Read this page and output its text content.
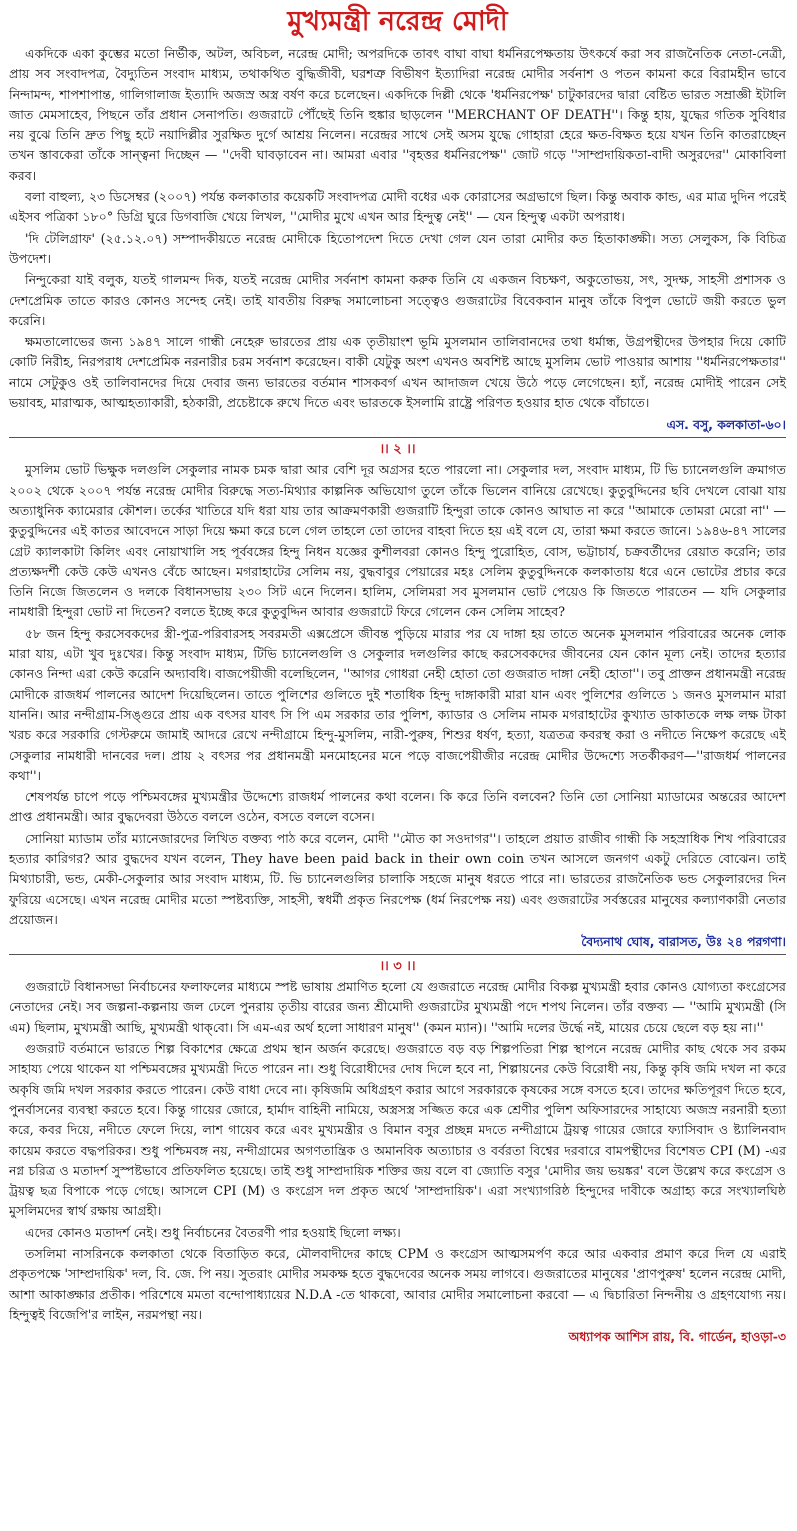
মুখ্যমন্ত্রী নরেন্দ্র মোদী

একদিকে একা কুম্ভের মতো নির্ভীক, অটল, অবিচল, নরেন্দ্র মোদী; অপরদিকে তাবৎ বাঘা বাঘা ধর্মনিরপেক্ষতায় উৎকর্ষে করা সব রাজনৈতিক নেতা-নেত্রী, প্রায় সব সংবাদপত্র, বৈদ্যুতিন সংবাদ মাধ্যম, তথাকথিত বুদ্ধিজীবী, ঘরশত্রু বিভীষণ ইত্যাদিরা নরেন্দ্র মোদীর সর্বনাশ ও পতন কামনা করে বিরামহীন ভাবে নিন্দামন্দ, শাপশাপান্ত, গালিগালাজ ইত্যাদি অজস্র অস্ত্র বর্ষণ করে চলেছেন। একদিকে দিল্লী থেকে 'ধর্মনিরপেক্ষ' চাটুকারদের দ্বারা বেষ্টিত ভারত সম্রাজ্ঞী ইটালি জাত মেমসাহেব, পিছনে তাঁর প্রধান সেনাপতি। গুজরাটে পৌঁছেই তিনি হুঙ্কার ছাড়লেন ''MERCHANT OF DEATH''। কিন্তু হায়, যুদ্ধের গতিক সুবিধার নয় বুঝে তিনি দ্রুত পিছু হটে নয়াদিল্লীর সুরক্ষিত দুর্গে আশ্রয় নিলেন। নরেন্দ্রর সাথে সেই অসম যুদ্ধে গোহারা হেরে ক্ষত-বিক্ষত হয়ে যখন তিনি কাতরাচ্ছেন তখন স্তাবকেরা তাঁকে সান্ত্বনা দিচ্ছেন — ''দেবী ঘাবড়াবেন না। আমরা এবার ''বৃহত্তর ধর্মনিরপেক্ষ'' জোট গড়ে ''সাম্প্রদায়িকতা-বাদী অসুরদের'' মোকাবিলা করব।

বলা বাহুল্য, ২৩ ডিসেম্বর (২০০৭) পর্যন্ত কলকাতার কয়েকটি সংবাদপত্র মোদী বধের এক কোরাসের অগ্রভাগে ছিল। কিন্তু অবাক কান্ড, এর মাত্র দুদিন পরেই এইসব পত্রিকা ১৮০° ডিগ্রি ঘুরে ডিগবাজি খেয়ে লিখল, ''মোদীর মুখে এখন আর হিন্দুত্ব নেই'' — যেন হিন্দুত্ব একটা অপরাধ।

'দি টেলিগ্রাফ' (২৫.১২.০৭) সম্পাদকীয়তে নরেন্দ্র মোদীকে হিতোপদেশ দিতে দেখা গেল যেন তারা মোদীর কত হিতাকাঙ্ক্ষী। সত্য সেলুকস, কি বিচিত্র উপদেশ।

নিন্দুকেরা যাই বলুক, যতই গালমন্দ দিক, যতই নরেন্দ্র মোদীর সর্বনাশ কামনা করুক তিনি যে একজন বিচক্ষণ, অকুতোভয়, সৎ, সুদক্ষ, সাহসী প্রশাসক ও দেশপ্রেমিক তাতে কারও কোনও সন্দেহ নেই। তাই যাবতীয় বিরুদ্ধ সমালোচনা সত্ত্বেও গুজরাটের বিবেকবান মানুষ তাঁকে বিপুল ভোটে জয়ী করতে ভুল করেনি।

ক্ষমতালোভের জন্য ১৯৪৭ সালে গান্ধী নেহেরু ভারতের প্রায় এক তৃতীয়াংশ ভূমি মুসলমান তালিবানদের তথা ধর্মান্ধ, উগ্রপন্থীদের উপহার দিয়ে কোটি কোটি নিরীহ, নিরপরাধ দেশপ্রেমিক নরনারীর চরম সর্বনাশ করেছেন। বাকী যেটুকু অংশ এখনও অবশিষ্ট আছে মুসলিম ভোট পাওয়ার আশায় ''ধর্মনিরপেক্ষতার'' নামে সেটুকুও ওই তালিবানদের দিয়ে দেবার জন্য ভারতের বর্তমান শাসকবর্গ এখন আদাজল খেয়ে উঠে পড়ে লেগেছেন। হ্যাঁ, নরেন্দ্র মোদীই পারেন সেই ভয়াবহ, মারাত্মক, আত্মহত্যাকারী, হঠকারী, প্রচেষ্টাকে রুখে দিতে এবং ভারতকে ইসলামি রাষ্ট্রে পরিণত হওয়ার হাত থেকে বাঁচাতে।

এস. বসু, কলকাতা-৬০।
।। ২ ।।

মুসলিম ভোট ভিক্ষুক দলগুলি সেকুলার নামক চমক দ্বারা আর বেশি দূর অগ্রসর হতে পারলো না। সেকুলার দল, সংবাদ মাধ্যম, টি ভি চ্যানেলগুলি ক্রমাগত ২০০২ থেকে ২০০৭ পর্যন্ত নরেন্দ্র মোদীর বিরুদ্ধে সত্য-মিথ্যার কাল্পনিক অভিযোগ তুলে তাঁকে ভিলেন বানিয়ে রেখেছে। কুতুবুদ্দিনের ছবি দেখলে বোঝা যায় অত্যাধুনিক ক্যামেরার কৌশল। তর্কের খাতিরে যদি ধরা যায় তার আক্রমণকারী গুজরাটি হিন্দুরা তাকে কোনও আঘাত না করে ''আমাকে তোমরা মেরো না'' — কুতুবুদ্দিনের এই কাতর আবেদনে সাড়া দিয়ে ক্ষমা করে চলে গেল তাহলে তো তাদের বাহবা দিতে হয় এই বলে যে, তারা ক্ষমা করতে জানে। ১৯৪৬-৪৭ সালের গ্রেট ক্যালকাটা কিলিং এবং নোয়াখালি সহ পূর্ববঙ্গের হিন্দু নিধন যজ্ঞের কুশীলবরা কোনও হিন্দু পুরোহিত, বোস, ভট্টাচার্য, চক্রবর্তীদের রেয়াত করেনি; তার প্রত্যক্ষদর্শী কেউ কেউ এখনও বেঁচে আছেন। মগরাহাটের সেলিম নয়, বুদ্ধবাবুর পেয়ারের মহঃ সেলিম কুতুবুদ্দিনকে কলকাতায় ধরে এনে ভোটের প্রচার করে তিনি নিজে জিতলেন ও দলকে বিধানসভায় ২৩০ সিট এনে দিলেন। হালিম, সেলিমরা সব মুসলমান ভোট পেয়েও কি জিততে পারতেন — যদি সেকুলার নামধারী হিন্দুরা ভোট না দিতেন? বলতে ইচ্ছে করে কুতুবুদ্দিন আবার গুজরাটে ফিরে গেলেন কেন সেলিম সাহেব?

৫৮ জন হিন্দু করসেবকদের স্ত্রী-পুত্র-পরিবারসহ সবরমতী এক্সপ্রেসে জীবন্ত পুড়িয়ে মারার পর যে দাঙ্গা হয় তাতে অনেক মুসলমান পরিবারের অনেক লোক মারা যায়, এটা খুব দুঃখের। কিন্তু সংবাদ মাধ্যম, টিভি চ্যানেলগুলি ও সেকুলার দলগুলির কাছে করসেবকদের জীবনের যেন কোন মূল্য নেই। তাদের হত্যার কোনও নিন্দা এরা কেউ করেনি অদ্যাবধি। বাজপেয়ীজী বলেছিলেন, ''আগর গোধরা নেহী হোতা তো গুজরাত দাঙ্গা নেহী হোতা''। তবু প্রাক্তন প্রধানমন্ত্রী নরেন্দ্র মোদীকে রাজধর্ম পালনের আদেশ দিয়েছিলেন। তাতে পুলিশের গুলিতে দুই শতাধিক হিন্দু দাঙ্গাকারী মারা যান এবং পুলিশের গুলিতে ১ জনও মুসলমান মারা যাননি। আর নন্দীগ্রাম-সিঙ্গুরে প্রায় এক বৎসর যাবৎ সি পি এম সরকার তার পুলিশ, ক্যাডার ও সেলিম নামক মগরাহাটের কুখ্যাত ডাকাতকে লক্ষ লক্ষ টাকা খরচ করে সরকারি গেস্টরুমে জামাই আদরে রেখে নন্দীগ্রামে হিন্দু-মুসলিম, নারী-পুরুষ, শিশুর ধর্ষণ, হত্যা, যত্রতত্র কবরস্থ করা ও নদীতে নিক্ষেপ করেছে এই সেকুলার নামধারী দানবের দল। প্রায় ২ বৎসর পর প্রধানমন্ত্রী মনমোহনের মনে পড়ে বাজপেয়ীজীর নরেন্দ্র মোদীর উদ্দেশ্যে সতর্কীকরণ—''রাজধর্ম পালনের কথা''।

শেষপর্যন্ত চাপে পড়ে পশ্চিমবঙ্গের মুখ্যমন্ত্রীর উদ্দেশ্যে রাজধর্ম পালনের কথা বলেন। কি করে তিনি বলবেন? তিনি তো সোনিয়া ম্যাডামের অন্তরের আদেশ প্রাপ্ত প্রধানমন্ত্রী। আর বুদ্ধদেবরা উঠতে বললে ওঠেন, বসতে বললে বসেন।

সোনিয়া ম্যাডাম তাঁর ম্যানেজারদের লিখিত বক্তব্য পাঠ করে বলেন, মোদী ''মৌত কা সওদাগর''। তাহলে প্রয়াত রাজীব গান্ধী কি সহস্রাধিক শিখ পরিবারের হত্যার কারিগর? আর বুদ্ধদেব যখন বলেন, They have been paid back in their own coin তখন আসলে জনগণ একটু দেরিতে বোঝেন। তাই মিথ্যাচারী, ভন্ড, মেকী-সেকুলার আর সংবাদ মাধ্যম, টি. ভি চ্যানেলগুলির চালাকি সহজে মানুষ ধরতে পারে না। ভারতের রাজনৈতিক ভন্ড সেকুলারদের দিন ফুরিয়ে এসেছে। এখন নরেন্দ্র মোদীর মতো স্পষ্টব্যক্তি, সাহসী, স্বধর্মী প্রকৃত নিরপেক্ষ (ধর্ম নিরপেক্ষ নয়) এবং গুজরাটের সর্বস্তরের মানুষের কল্যাণকারী নেতার প্রয়োজন।

বৈদ্যনাথ ঘোষ, বারাসত, উঃ ২৪ পরগণা।
।। ৩ ।।

গুজরাটে বিধানসভা নির্বাচনের ফলাফলের মাধ্যমে স্পষ্ট ভাষায় প্রমাণিত হলো যে গুজরাতে নরেন্দ্র মোদীর বিকল্প মুখ্যমন্ত্রী হবার কোনও যোগ্যতা কংগ্রেসের নেতাদের নেই। সব জল্পনা-কল্পনায় জল ঢেলে পুনরায় তৃতীয় বারের জন্য শ্রীমোদী গুজরাটের মুখ্যমন্ত্রী পদে শপথ নিলেন। তাঁর বক্তব্য — ''আমি মুখ্যমন্ত্রী (সি এম) ছিলাম, মুখ্যমন্ত্রী আছি, মুখ্যমন্ত্রী থাক্‌বো। সি এম-এর অর্থ হলো সাধারণ মানুষ'' (কমন ম্যান)। ''আমি দলের উর্দ্ধে নই, মায়ের চেয়ে ছেলে বড় হয় না।''

গুজরাট বর্তমানে ভারতে শিল্প বিকাশের ক্ষেত্রে প্রথম স্থান অর্জন করেছে। গুজরাতে বড় বড় শিল্পপতিরা শিল্প স্থাপনে নরেন্দ্র মোদীর কাছ থেকে সব রকম সাহায্য পেয়ে থাকেন যা পশ্চিমবঙ্গের মুখ্যমন্ত্রী দিতে পারেন না। শুধু বিরোধীদের দোষ দিলে হবে না, শিল্পায়নের কেউ বিরোধী নয়, কিন্তু কৃষি জমি দখল না করে অকৃষি জমি দখল সরকার করতে পারেন। কেউ বাধা দেবে না। কৃষিজমি অধিগ্রহণ করার আগে সরকারকে কৃষকের সঙ্গে বসতে হবে। তাদের ক্ষতিপূরণ দিতে হবে, পুনর্বাসনের ব্যবস্থা করতে হবে। কিন্তু গায়ের জোরে, হার্মাদ বাহিনী নামিয়ে, অস্ত্রসস্ত্র সজ্জিত করে এক শ্রেণীর পুলিশ অফিসারদের সাহায্যে অজস্র নরনারী হত্যা করে, কবর দিয়ে, নদীতে ফেলে দিয়ে, লাশ গায়েব করে এবং মুখ্যমন্ত্রীর ও বিমান বসুর প্রচ্ছন্ন মদতে নন্দীগ্রামে ট্রয়ত্ব গায়ের জোরে ফ্যাসিবাদ ও ষ্ট্যালিনবাদ কায়েম করতে বদ্ধপরিকর। শুধু পশ্চিমবঙ্গ নয়, নন্দীগ্রামের অগণতান্ত্রিক ও অমানবিক অত্যাচার ও বর্বরতা বিশ্বের দরবারে বামপন্থীদের বিশেষত CPI (M) -এর নগ্ন চরিত্র ও মতাদর্শ সুস্পষ্টভাবে প্রতিফলিত হয়েছে। তাই শুধু সাম্প্রদায়িক শক্তির জয় বলে বা জ্যোতি বসুর 'মোদীর জয় ভয়ঙ্কর' বলে উল্লেখ করে কংগ্রেস ও ট্রয়ত্ব ছত্র বিপাকে পড়ে গেছে। আসলে CPI (M) ও কংগ্রেস দল প্রকৃত অর্থে 'সাম্প্রদায়িক'। এরা সংখ্যাগরিষ্ঠ হিন্দুদের দাবীকে অগ্রাহ্য করে সংখ্যালঘিষ্ঠ মুসলিমদের স্বার্থ রক্ষায় আগ্রহী।

এদের কোনও মতাদর্শ নেই। শুধু নির্বাচনের বৈতরণী পার হওয়াই ছিলো লক্ষ্য।

তসলিমা নাসরিনকে কলকাতা থেকে বিতাড়িত করে, মৌলবাদীদের কাছে CPM ও কংগ্রেস আত্মসমর্পণ করে আর একবার প্রমাণ করে দিল যে এরাই প্রকৃতপক্ষে 'সাম্প্রদায়িক' দল, বি. জে. পি নয়। সুতরাং মোদীর সমকক্ষ হতে বুদ্ধদেবের অনেক সময় লাগবে। গুজরাতের মানুষের 'প্রাণপুরুষ' হলেন নরেন্দ্র মোদী, আশা আকাঙ্ক্ষার প্রতীক। পরিশেষে মমতা বন্দোপাধ্যায়ের N.D.A -তে থাকবো, আবার মোদীর সমালোচনা করবো — এ দ্বিচারিতা নিন্দনীয় ও গ্রহণযোগ্য নয়। হিন্দুত্বই বিজেপি'র লাইন, নরমপন্থা নয়।

অধ্যাপক আশিস রায়, বি. গার্ডেন, হাওড়া-৩
